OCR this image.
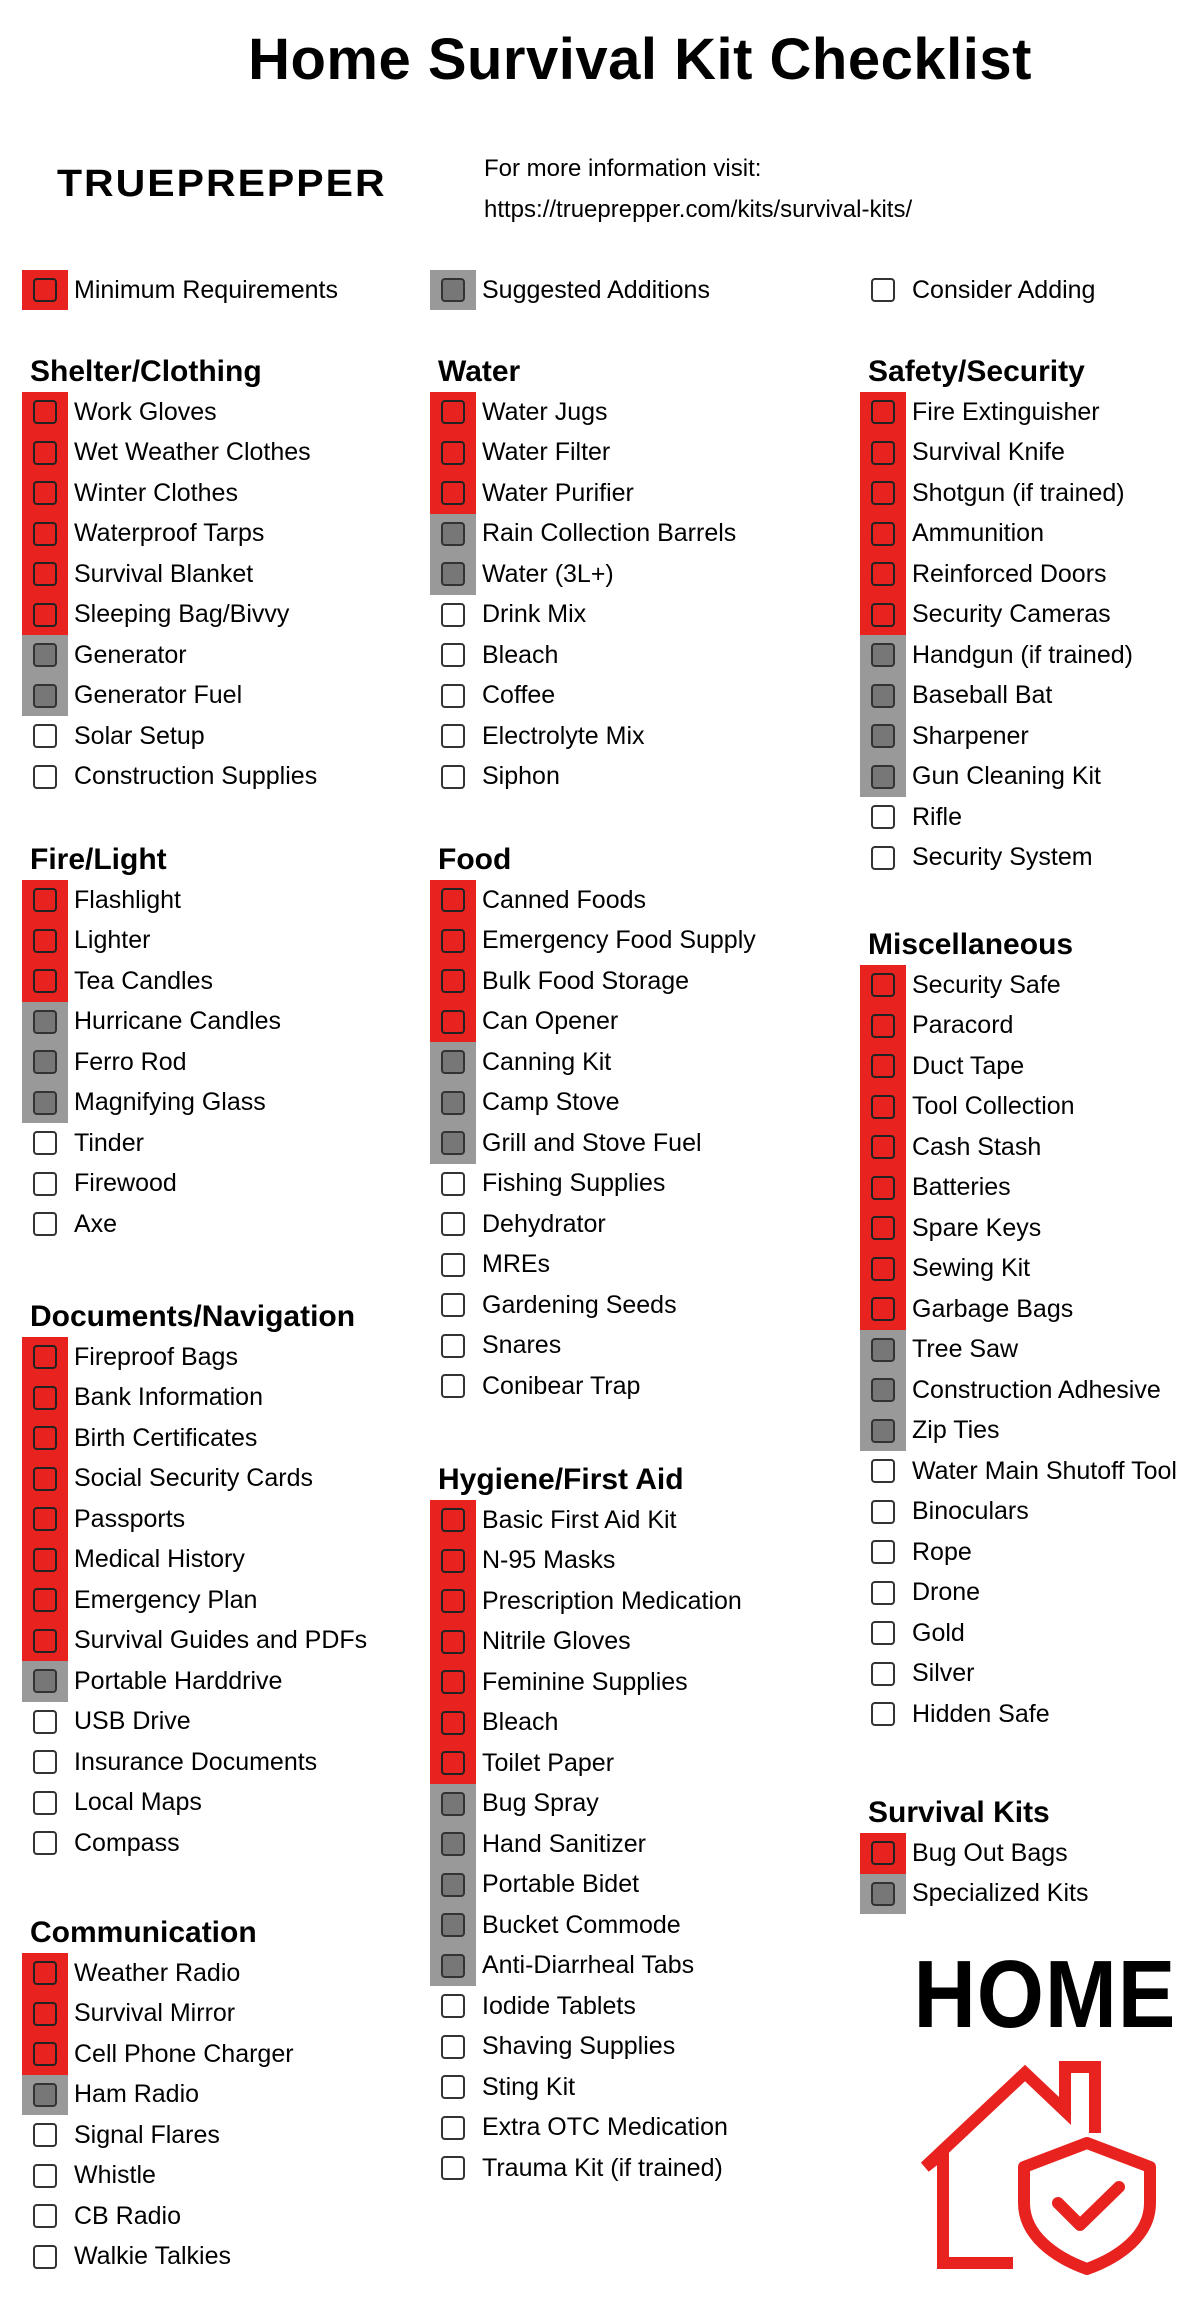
Home Survival Kit Checklist
TRUEPREPPER	For more information visit:
https://trueprepper.com/kits/survival-kits/
Minimum Requirements	Suggested Additions	Consider Adding
Shelter/Clothing
Work Gloves
Wet Weather Clothes
Winter Clothes
Waterproof Tarps
Survival Blanket
Sleeping Bag/Bivvy
Generator
Generator Fuel
Solar Setup
Construction Supplies
Fire/Light
Flashlight
Lighter
Tea Candles
Hurricane Candles
Ferro Rod
Magnifying Glass
Tinder
Firewood
Axe
Documents/Navigation
Fireproof Bags
Bank Information
Birth Certificates
Social Security Cards
Passports
Medical History
Emergency Plan
Survival Guides and PDFs
Portable Harddrive
USB Drive
Insurance Documents
Local Maps
Compass
Communication
Weather Radio
Survival Mirror
Cell Phone Charger
Ham Radio
Signal Flares
Whistle
CB Radio
Walkie Talkies
Water
Water Jugs
Water Filter
Water Purifier
Rain Collection Barrels
Water (3L+)
Drink Mix
Bleach
Coffee
Electrolyte Mix
Siphon
Food
Canned Foods
Emergency Food Supply
Bulk Food Storage
Can Opener
Canning Kit
Camp Stove
Grill and Stove Fuel
Fishing Supplies
Dehydrator
MREs
Gardening Seeds
Snares
Conibear Trap
Hygiene/First Aid
Basic First Aid Kit
N-95 Masks
Prescription Medication
Nitrile Gloves
Feminine Supplies
Bleach
Toilet Paper
Bug Spray
Hand Sanitizer
Portable Bidet
Bucket Commode
Anti-Diarrheal Tabs
Iodide Tablets
Shaving Supplies
Sting Kit
Extra OTC Medication
Trauma Kit (if trained)
Safety/Security
Fire Extinguisher
Survival Knife
Shotgun (if trained)
Ammunition
Reinforced Doors
Security Cameras
Handgun (if trained)
Baseball Bat
Sharpener
Gun Cleaning Kit
Rifle
Security System
Miscellaneous
Security Safe
Paracord
Duct Tape
Tool Collection
Cash Stash
Batteries
Spare Keys
Sewing Kit
Garbage Bags
Tree Saw
Construction Adhesive
Zip Ties
Water Main Shutoff Tool
Binoculars
Rope
Drone
Gold
Silver
Hidden Safe
Survival Kits
Bug Out Bags
Specialized Kits
HOME
